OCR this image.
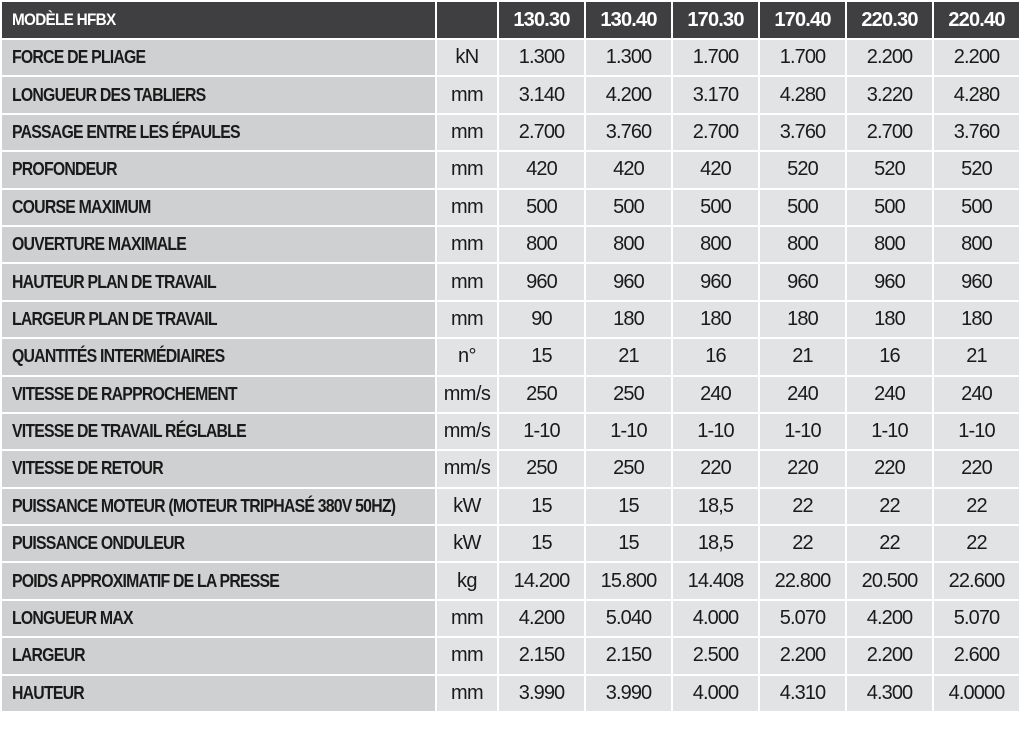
MODÈLE HFBX		130.30	130.40	170.30	170.40	220.30	220.40
FORCE DE PLIAGE	kN	1.300	1.300	1.700	1.700	2.200	2.200
LONGUEUR DES TABLIERS	mm	3.140	4.200	3.170	4.280	3.220	4.280
PASSAGE ENTRE LES ÉPAULES	mm	2.700	3.760	2.700	3.760	2.700	3.760
PROFONDEUR	mm	420	420	420	520	520	520
COURSE MAXIMUM	mm	500	500	500	500	500	500
OUVERTURE MAXIMALE	mm	800	800	800	800	800	800
HAUTEUR PLAN DE TRAVAIL	mm	960	960	960	960	960	960
LARGEUR PLAN DE TRAVAIL	mm	90	180	180	180	180	180
QUANTITÉS INTERMÉDIAIRES	n°	15	21	16	21	16	21
VITESSE DE RAPPROCHEMENT	mm/s	250	250	240	240	240	240
VITESSE DE TRAVAIL RÉGLABLE	mm/s	1-10	1-10	1-10	1-10	1-10	1-10
VITESSE DE RETOUR	mm/s	250	250	220	220	220	220
PUISSANCE MOTEUR (MOTEUR TRIPHASÉ 380V 50HZ)	kW	15	15	18,5	22	22	22
PUISSANCE ONDULEUR	kW	15	15	18,5	22	22	22
POIDS APPROXIMATIF DE LA PRESSE	kg	14.200	15.800	14.408	22.800	20.500	22.600
LONGUEUR MAX	mm	4.200	5.040	4.000	5.070	4.200	5.070
LARGEUR	mm	2.150	2.150	2.500	2.200	2.200	2.600
HAUTEUR	mm	3.990	3.990	4.000	4.310	4.300	4.0000
